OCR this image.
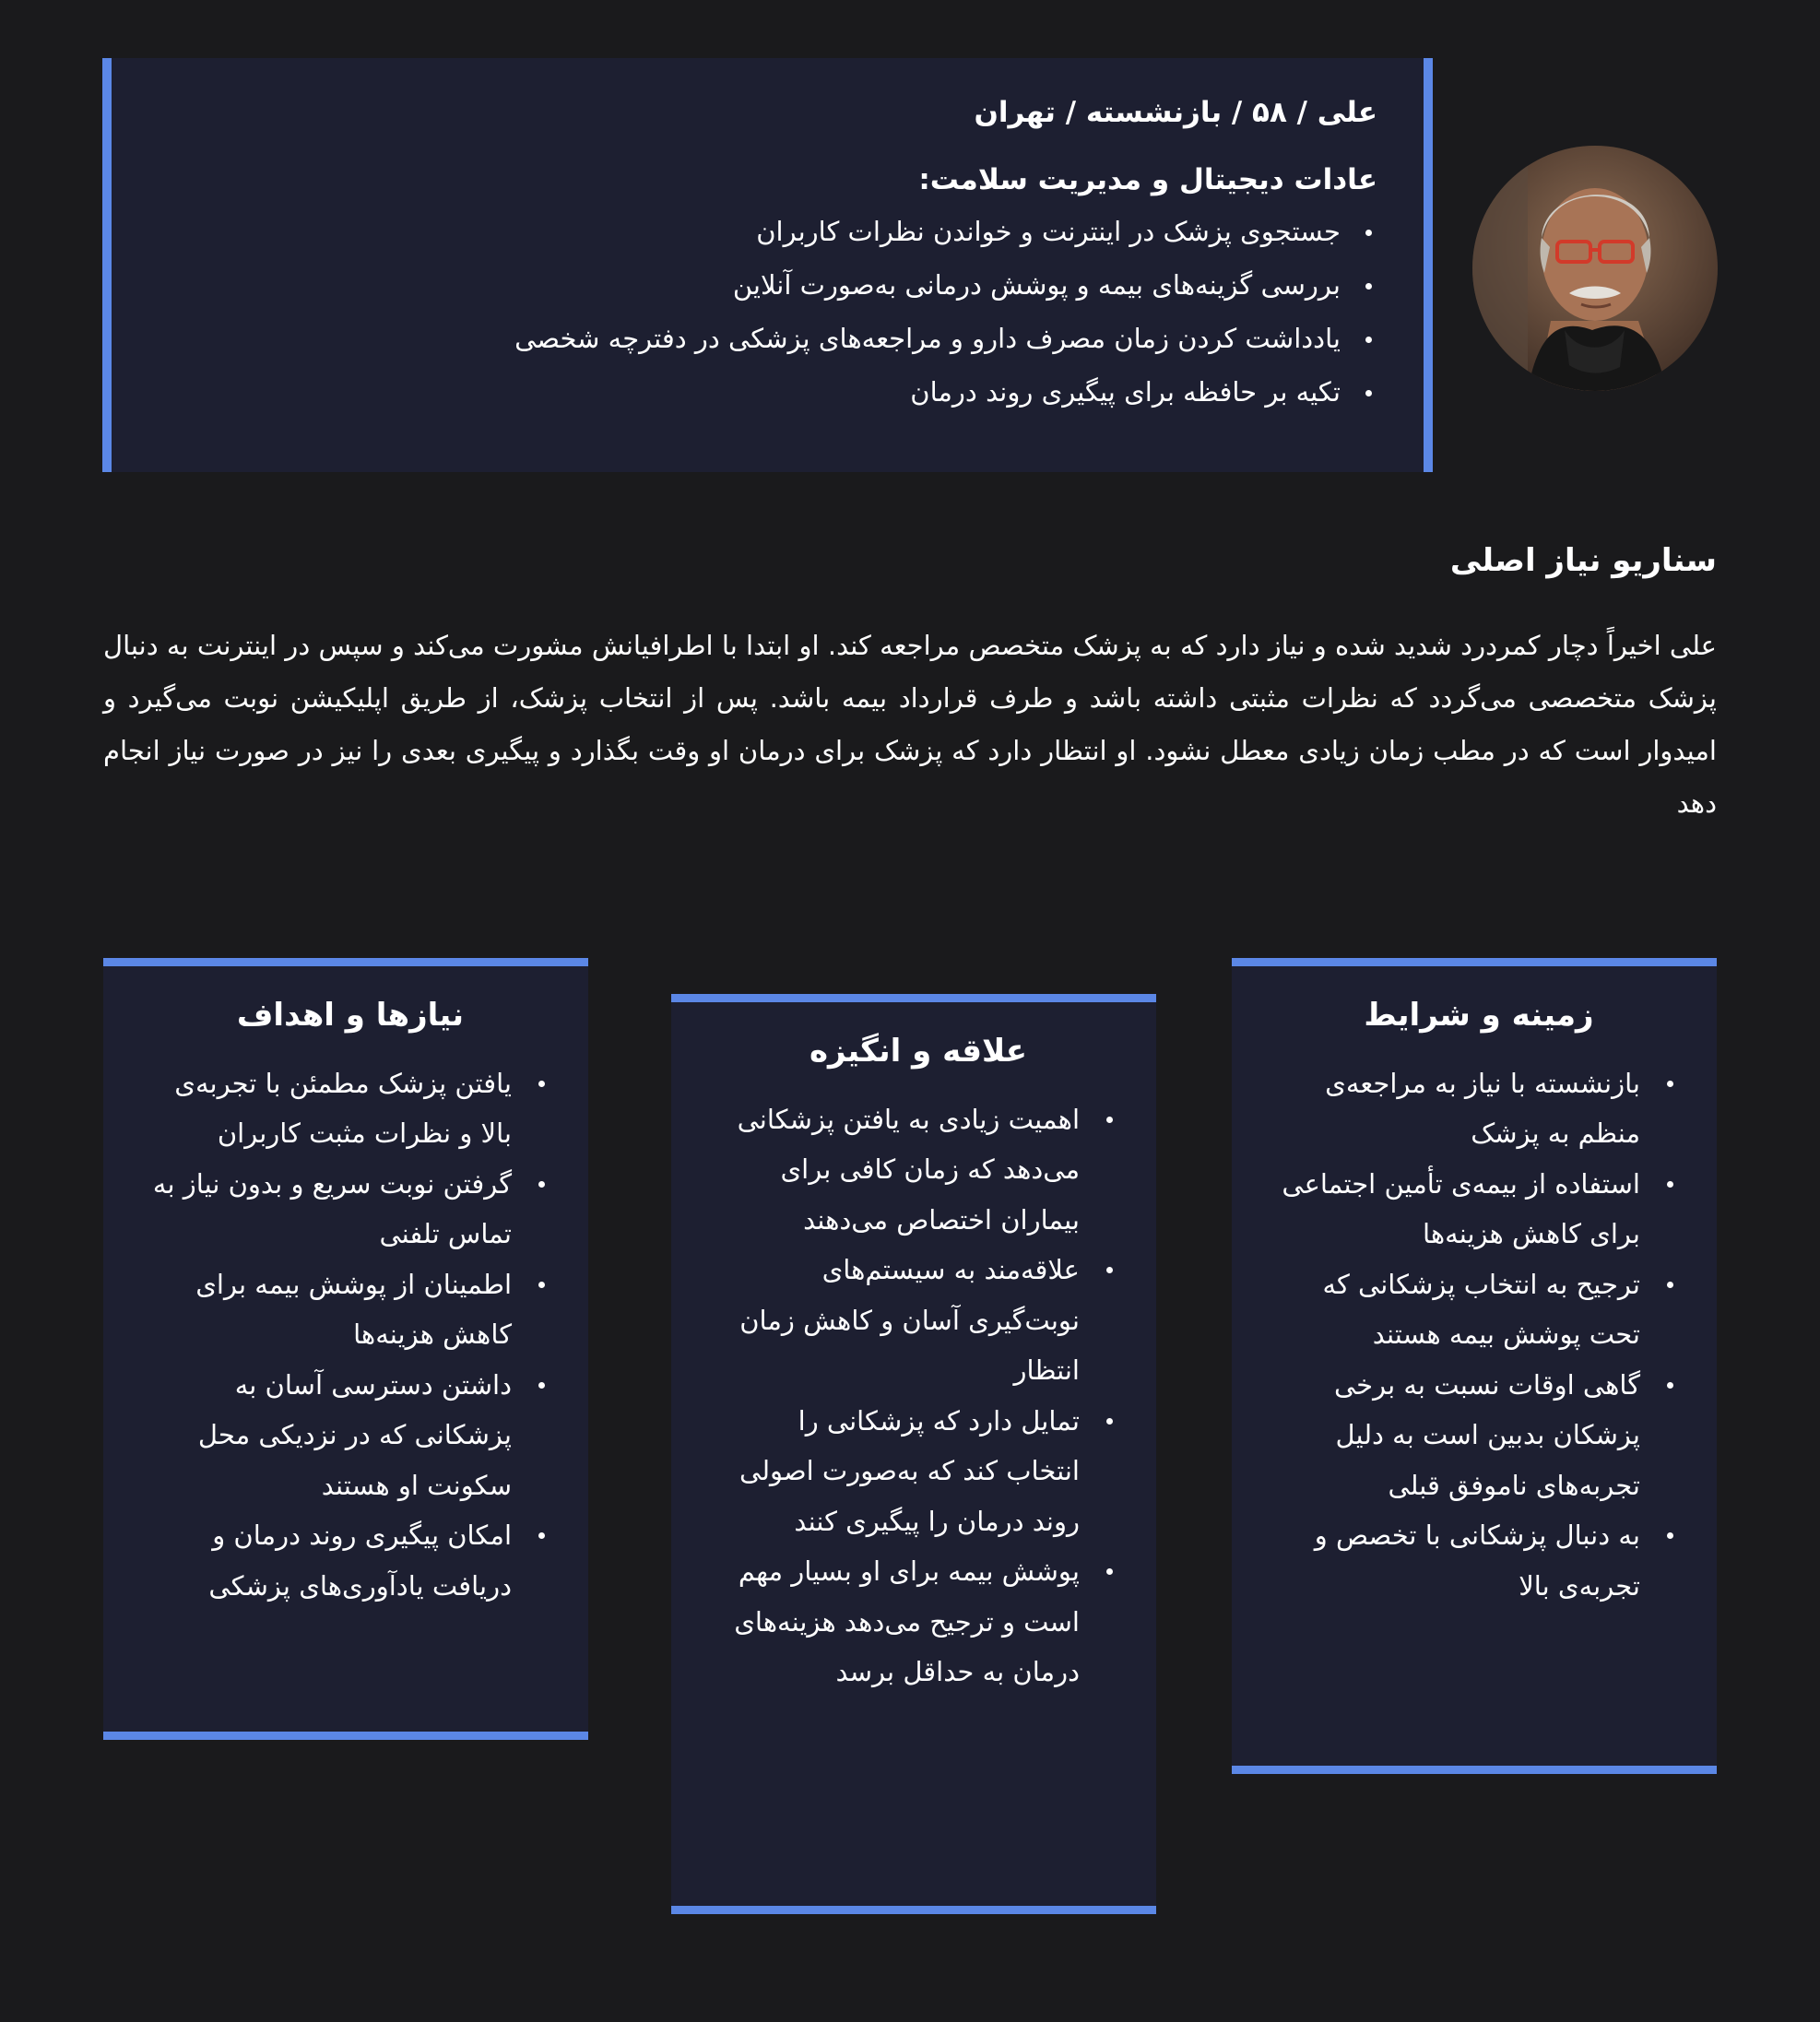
علی / ۵۸ / بازنشسته / تهران
عادات دیجیتال و مدیریت سلامت:
جستجوی پزشک در اینترنت و خواندن نظرات کاربران
بررسی گزینه‌های بیمه و پوشش درمانی به‌صورت آنلاین
یادداشت کردن زمان مصرف دارو و مراجعه‌های پزشکی در دفترچه شخصی
تکیه بر حافظه برای پیگیری روند درمان
سناریو نیاز اصلی

علی اخیراً دچار کمردرد شدید شده و نیاز دارد که به پزشک متخصص مراجعه کند. او ابتدا با اطرافیانش مشورت می‌کند و سپس در اینترنت به دنبال پزشک متخصصی می‌گردد که نظرات مثبتی داشته باشد و طرف قرارداد بیمه باشد. پس از انتخاب پزشک، از طریق اپلیکیشن نوبت می‌گیرد و امیدوار است که در مطب زمان زیادی معطل نشود. او انتظار دارد که پزشک برای درمان او وقت بگذارد و پیگیری بعدی را نیز در صورت نیاز انجام دهد

زمینه و شرایط
بازنشسته با نیاز به مراجعه‌ی منظم به پزشک
استفاده از بیمه‌ی تأمین اجتماعی برای کاهش هزینه‌ها
ترجیح به انتخاب پزشکانی که تحت پوشش بیمه هستند
گاهی اوقات نسبت به برخی پزشکان بدبین است به دلیل تجربه‌های ناموفق قبلی
به دنبال پزشکانی با تخصص و تجربه‌ی بالا
علاقه و انگیزه
اهمیت زیادی به یافتن پزشکانی می‌دهد که زمان کافی برای بیماران اختصاص می‌دهند
علاقه‌مند به سیستم‌های نوبت‌گیری آسان و کاهش زمان انتظار
تمایل دارد که پزشکانی را انتخاب کند که به‌صورت اصولی روند درمان را پیگیری کنند
پوشش بیمه برای او بسیار مهم است و ترجیح می‌دهد هزینه‌های درمان به حداقل برسد
نیازها و اهداف
یافتن پزشک مطمئن با تجربه‌ی بالا و نظرات مثبت کاربران
گرفتن نوبت سریع و بدون نیاز به تماس تلفنی
اطمینان از پوشش بیمه برای کاهش هزینه‌ها
داشتن دسترسی آسان به پزشکانی که در نزدیکی محل سکونت او هستند
امکان پیگیری روند درمان و دریافت یادآوری‌های پزشکی
